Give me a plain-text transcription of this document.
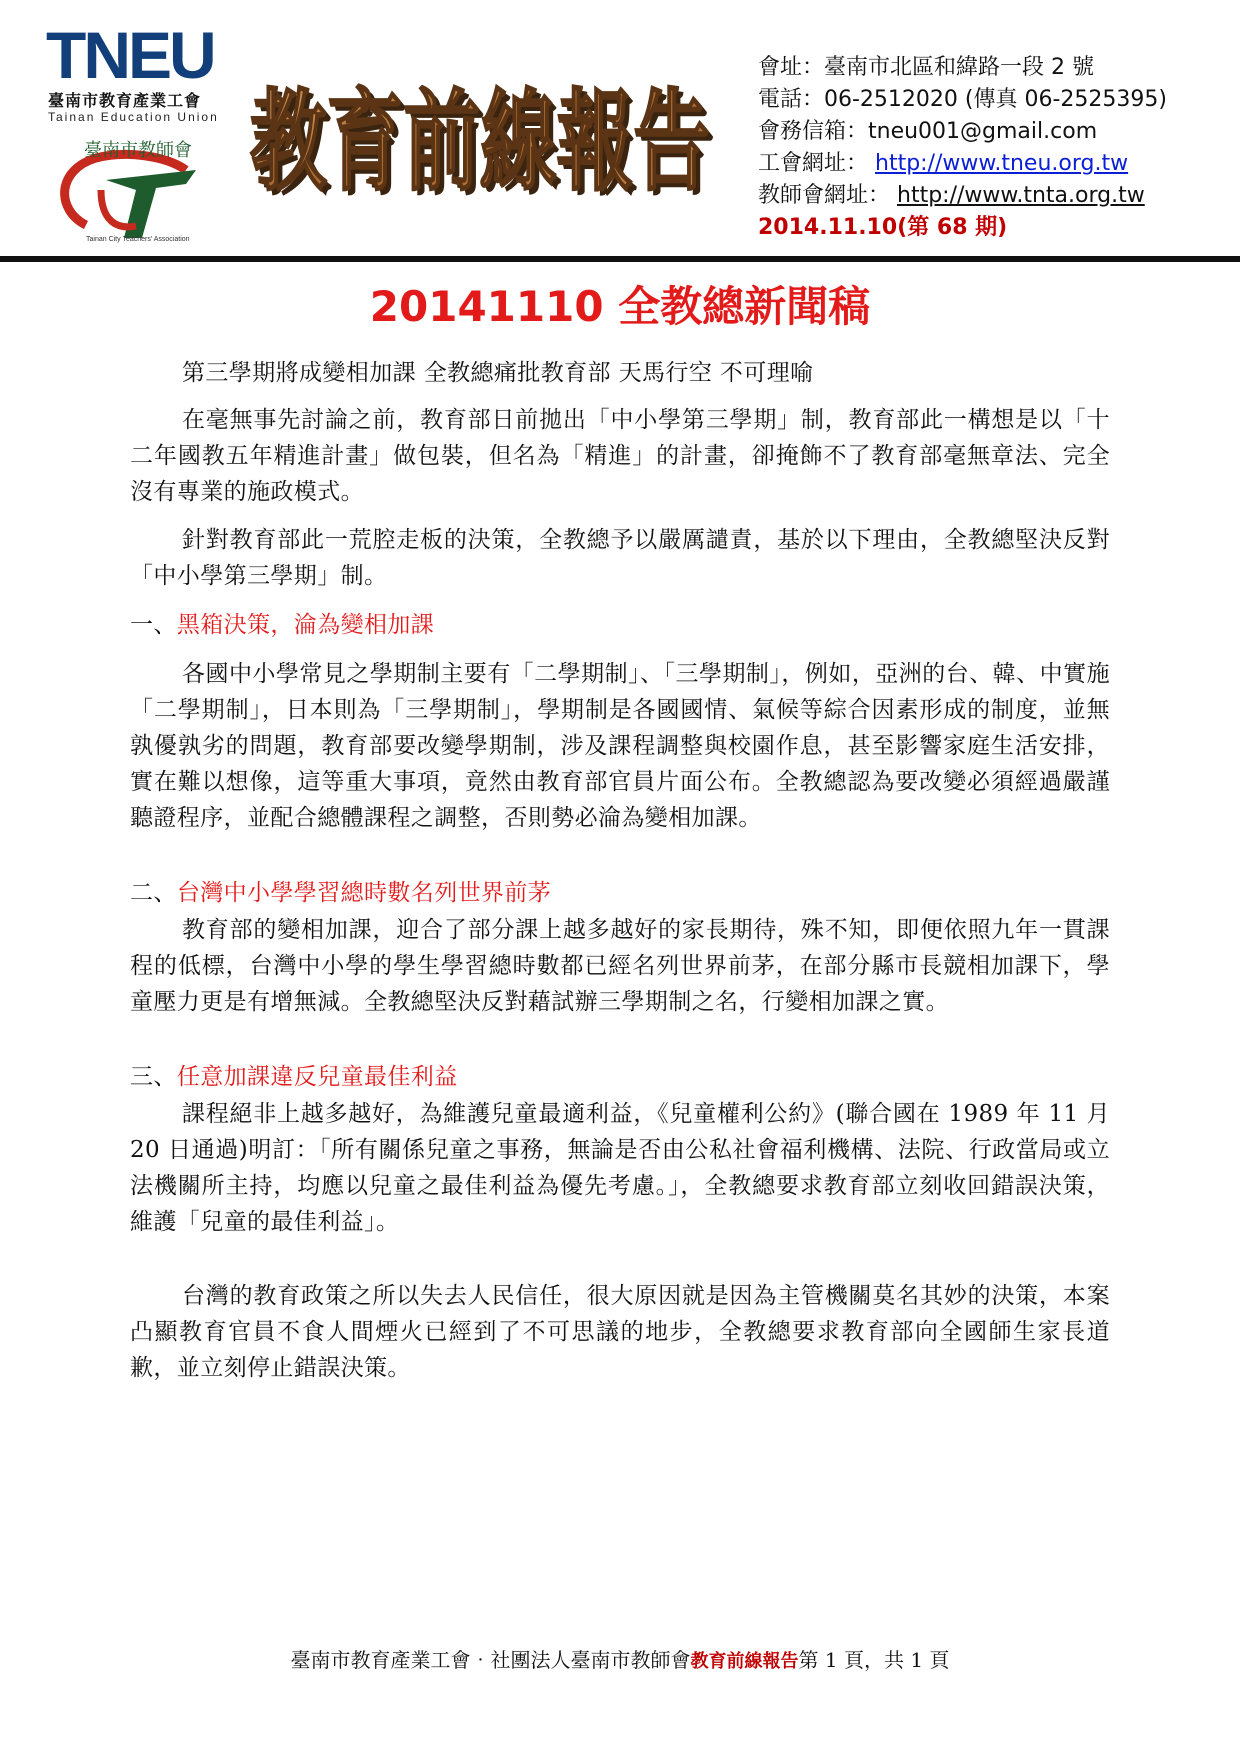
TNEU
臺南市教育產業工會
Tainan Education Union
臺南市教師會
Tainan City Teachers' Association
教育前線報告
教育前線報告
會址：臺南市北區和緯路一段 2 號
電話：06-2512020 (傳真 06-2525395)
會務信箱：tneu001@gmail.com
工會網址： http://www.tneu.org.tw
教師會網址： http://www.tnta.org.tw
2014.11.10(第 68 期)
20141110 全教總新聞稿

第三學期將成變相加課 全教總痛批教育部 天馬行空 不可理喻

在毫無事先討論之前，教育部日前拋出「中小學第三學期」制，教育部此一構想是以「十二年國教五年精進計畫」做包裝，但名為「精進」的計畫，卻掩飾不了教育部毫無章法、完全沒有專業的施政模式。

針對教育部此一荒腔走板的決策，全教總予以嚴厲譴責，基於以下理由，全教總堅決反對「中小學第三學期」制。

一、黑箱決策，淪為變相加課

各國中小學常見之學期制主要有「二學期制」、「三學期制」，例如，亞洲的台、韓、中實施「二學期制」，日本則為「三學期制」，學期制是各國國情、氣候等綜合因素形成的制度，並無孰優孰劣的問題，教育部要改變學期制，涉及課程調整與校園作息，甚至影響家庭生活安排，實在難以想像，這等重大事項，竟然由教育部官員片面公布。全教總認為要改變必須經過嚴謹聽證程序，並配合總體課程之調整，否則勢必淪為變相加課。

二、台灣中小學學習總時數名列世界前茅

教育部的變相加課，迎合了部分課上越多越好的家長期待，殊不知，即便依照九年一貫課程的低標，台灣中小學的學生學習總時數都已經名列世界前茅，在部分縣市長競相加課下，學童壓力更是有增無減。全教總堅決反對藉試辦三學期制之名，行變相加課之實。

三、任意加課違反兒童最佳利益

課程絕非上越多越好，為維護兒童最適利益，《兒童權利公約》(聯合國在 1989 年 11 月 20 日通過)明訂：「所有關係兒童之事務，無論是否由公私社會福利機構、法院、行政當局或立法機關所主持，均應以兒童之最佳利益為優先考慮。」，全教總要求教育部立刻收回錯誤決策，維護「兒童的最佳利益」。

台灣的教育政策之所以失去人民信任，很大原因就是因為主管機關莫名其妙的決策，本案凸顯教育官員不食人間煙火已經到了不可思議的地步，全教總要求教育部向全國師生家長道歉，並立刻停止錯誤決策。

臺南市教育產業工會‧社團法人臺南市教師會教育前線報告第 1 頁，共 1 頁
